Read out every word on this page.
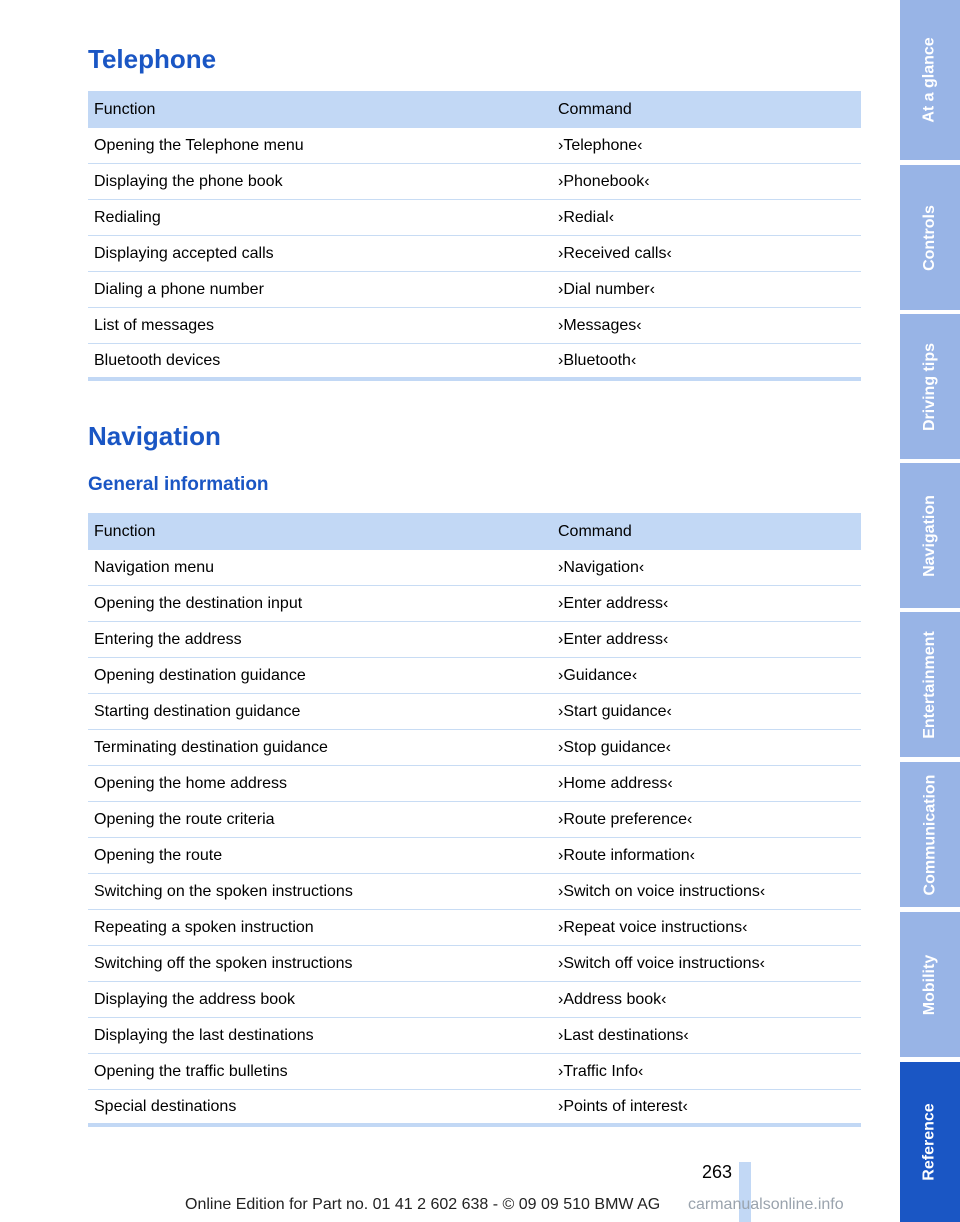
Telephone
Function	Command
Opening the Telephone menu	›Telephone‹
Displaying the phone book	›Phonebook‹
Redialing	›Redial‹
Displaying accepted calls	›Received calls‹
Dialing a phone number	›Dial number‹
List of messages	›Messages‹
Bluetooth devices	›Bluetooth‹
Navigation
General information
Function	Command
Navigation menu	›Navigation‹
Opening the destination input	›Enter address‹
Entering the address	›Enter address‹
Opening destination guidance	›Guidance‹
Starting destination guidance	›Start guidance‹
Terminating destination guidance	›Stop guidance‹
Opening the home address	›Home address‹
Opening the route criteria	›Route preference‹
Opening the route	›Route information‹
Switching on the spoken instructions	›Switch on voice instructions‹
Repeating a spoken instruction	›Repeat voice instructions‹
Switching off the spoken instructions	›Switch off voice instructions‹
Displaying the address book	›Address book‹
Displaying the last destinations	›Last destinations‹
Opening the traffic bulletins	›Traffic Info‹
Special destinations	›Points of interest‹
At a glance
Controls
Driving tips
Navigation
Entertainment
Communication
Mobility
Reference
263
Online Edition for Part no. 01 41 2 602 638 - © 09 09 510 BMW AG carmanualsonline.info
